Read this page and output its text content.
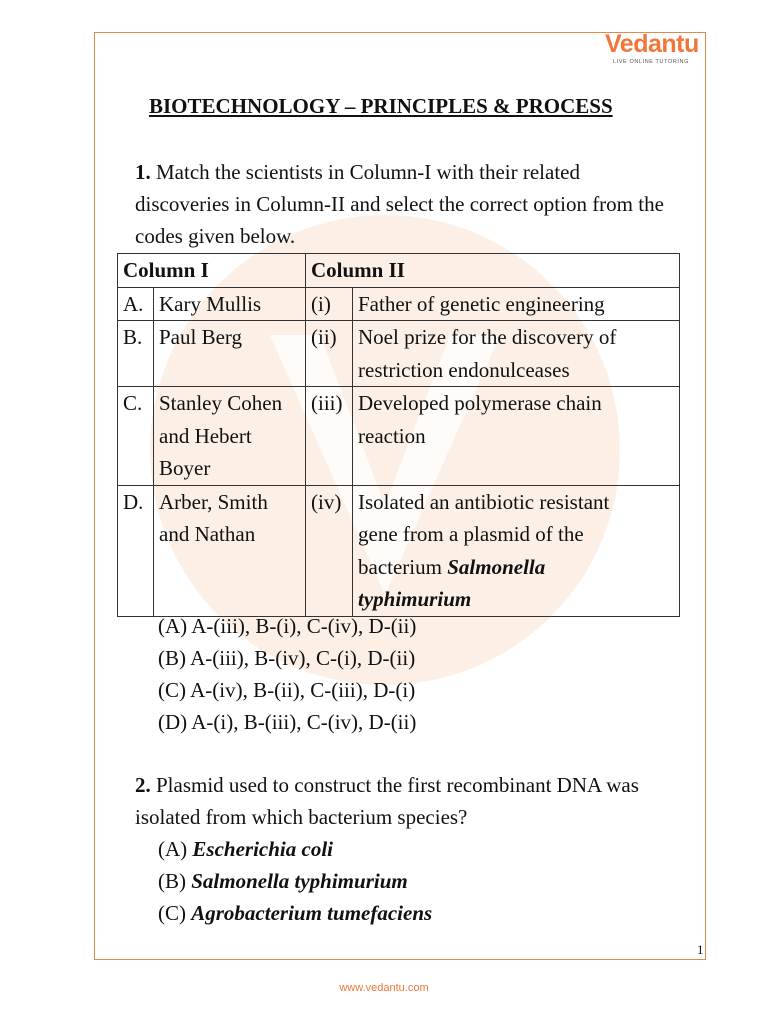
Vedantu
LIVE ONLINE TUTORING
BIOTECHNOLOGY – PRINCIPLES & PROCESS
1. Match the scientists in Column-I with their related
discoveries in Column-II and select the correct option from the
codes given below.
Column I		Column II	
A.	Kary Mullis	(i)	Father of genetic engineering
B.	Paul Berg	(ii)	Noel prize for the discovery of
restriction endonulceases
C.	Stanley Cohen
and Hebert
Boyer	(iii)	Developed polymerase chain
reaction
D.	Arber, Smith
and Nathan	(iv)	Isolated an antibiotic resistant
gene from a plasmid of the
bacterium Salmonella
typhimurium
(A) A-(iii), B-(i), C-(iv), D-(ii)
(B) A-(iii), B-(iv), C-(i), D-(ii)
(C) A-(iv), B-(ii), C-(iii), D-(i)
(D) A-(i), B-(iii), C-(iv), D-(ii)
2. Plasmid used to construct the first recombinant DNA was
isolated from which bacterium species?
(A) Escherichia coli
(B) Salmonella typhimurium
(C) Agrobacterium tumefaciens
1
www.vedantu.com
